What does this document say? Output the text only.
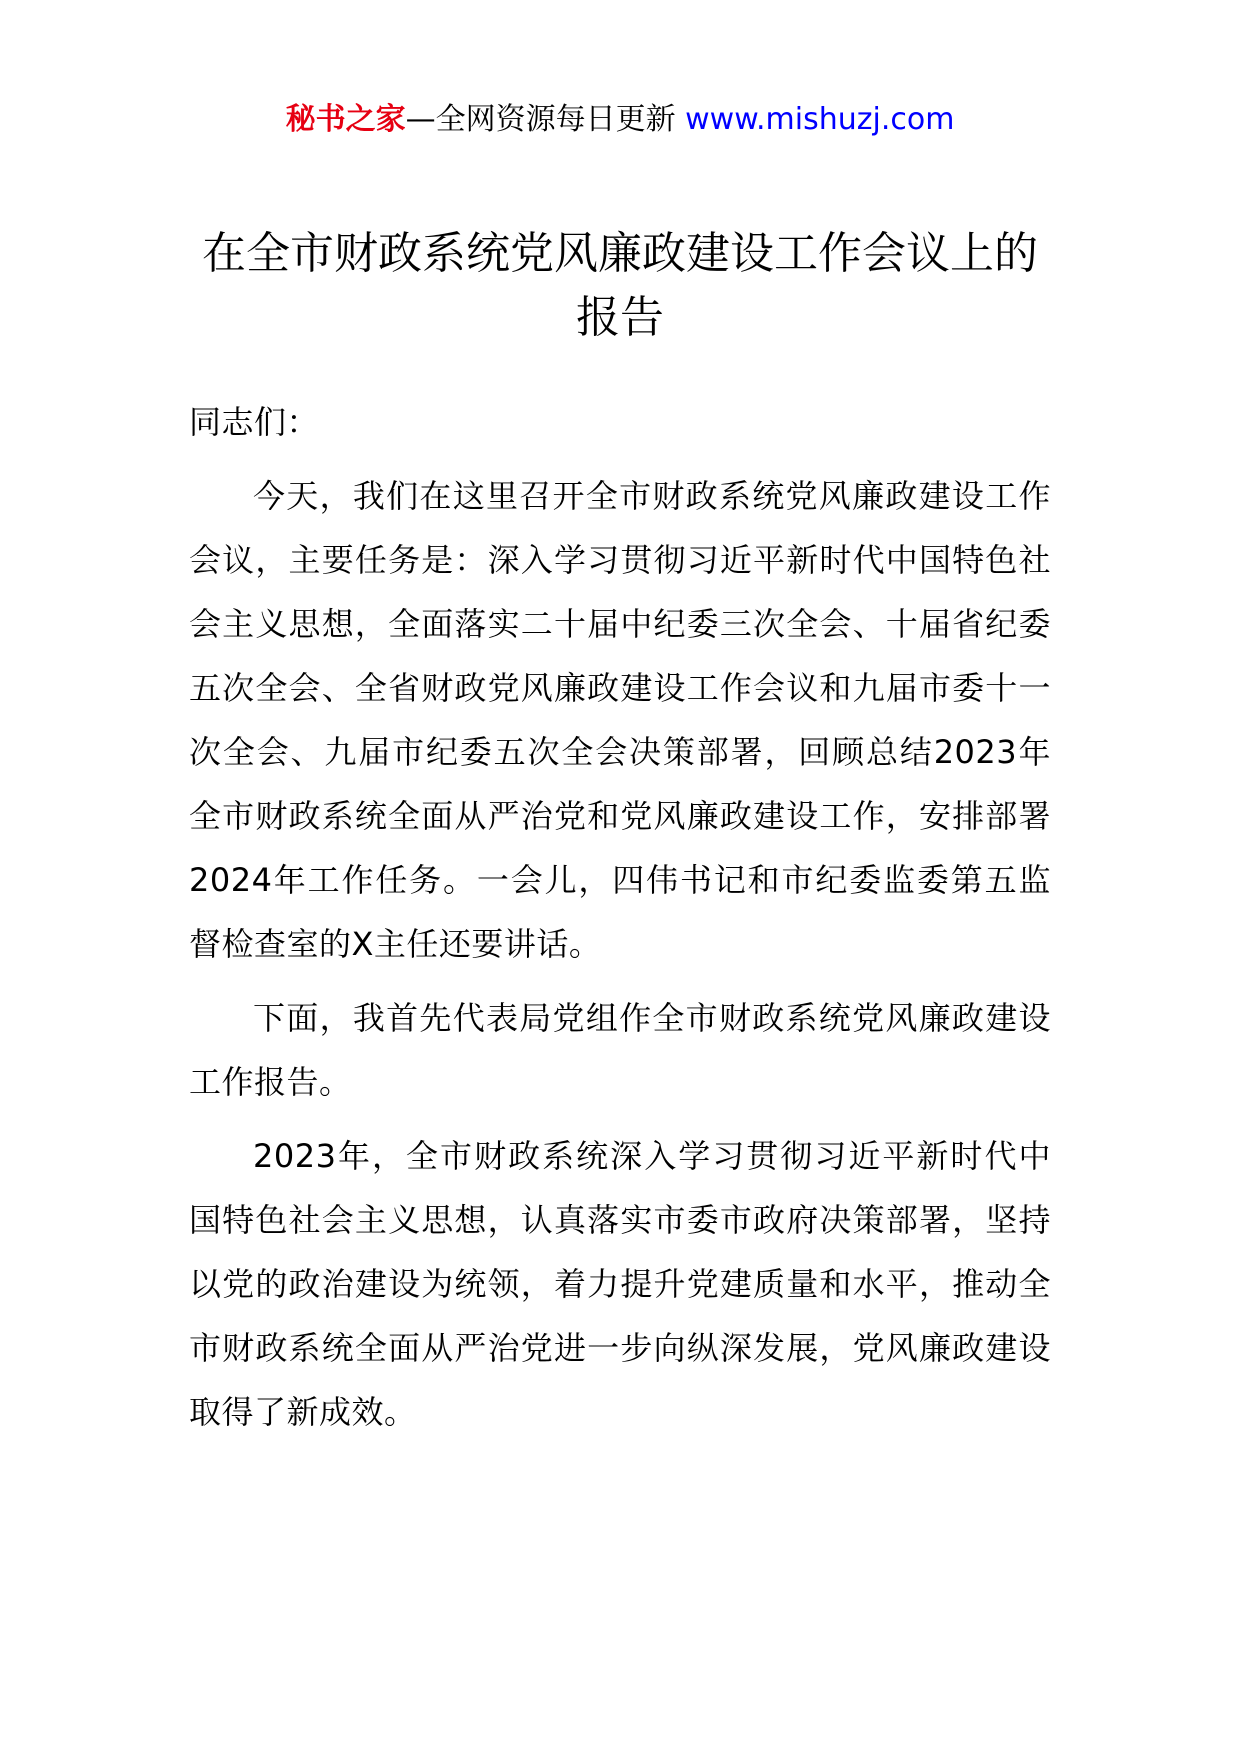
秘书之家—全网资源每日更新 www.mishuzj.com
在全市财政系统党风廉政建设工作会议上的报告

同志们：

今天，我们在这里召开全市财政系统党风廉政建设工作会议，主要任务是：深入学习贯彻习近平新时代中国特色社会主义思想，全面落实二十届中纪委三次全会、十届省纪委五次全会、全省财政党风廉政建设工作会议和九届市委十一次全会、九届市纪委五次全会决策部署，回顾总结2023年全市财政系统全面从严治党和党风廉政建设工作，安排部署2024年工作任务。一会儿，四伟书记和市纪委监委第五监督检查室的X主任还要讲话。

下面，我首先代表局党组作全市财政系统党风廉政建设工作报告。

2023年，全市财政系统深入学习贯彻习近平新时代中国特色社会主义思想，认真落实市委市政府决策部署，坚持以党的政治建设为统领，着力提升党建质量和水平，推动全市财政系统全面从严治党进一步向纵深发展，党风廉政建设取得了新成效。
